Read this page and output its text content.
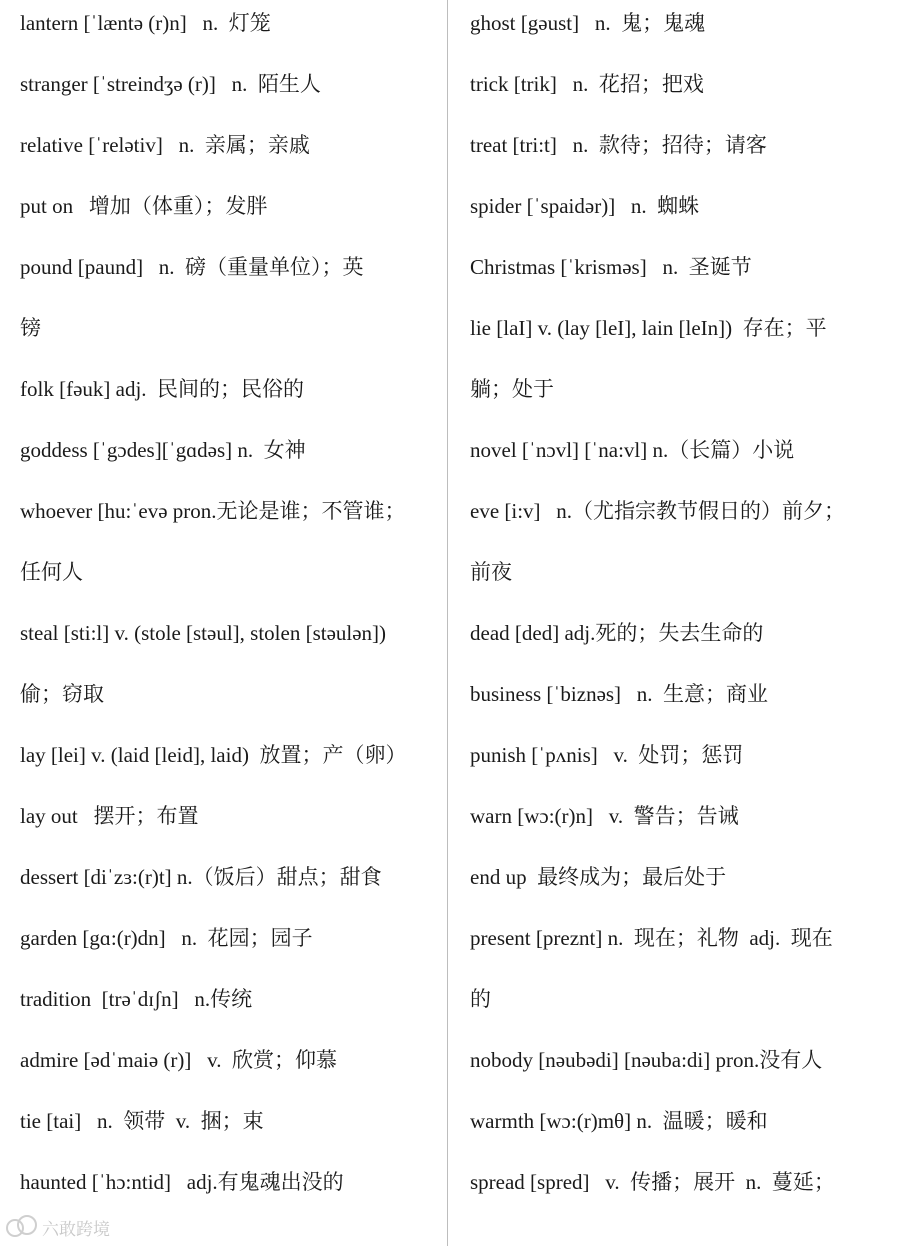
lantern [ˈlæntə (r)n]   n.  灯笼
stranger [ˈstreindʒə (r)]   n.  陌生人
relative [ˈrelətiv]   n.  亲属；亲戚
put on   增加（体重）；发胖
pound [paund]   n.  磅（重量单位）；英
镑
folk [fəuk] adj.  民间的；民俗的
goddess [ˈgɔdes][ˈgɑdəs] n.  女神
whoever [hu:ˈevə pron.无论是谁；不管谁；
任何人
steal [sti:l] v. (stole [stəul], stolen [stəulən])
偷；窃取
lay [lei] v. (laid [leid], laid)  放置；产（卵）
lay out   摆开；布置
dessert [diˈzɜ:(r)t] n.（饭后）甜点；甜食
garden [gɑ:(r)dn]   n.  花园；园子
tradition  [trəˈdɪʃn]   n.传统
admire [ədˈmaiə (r)]   v.  欣赏；仰慕
tie [tai]   n.  领带  v.  捆；束
haunted [ˈhɔ:ntid]   adj.有鬼魂出没的
ghost [gəust]   n.  鬼；鬼魂
trick [trik]   n.  花招；把戏
treat [tri:t]   n.  款待；招待；请客
spider [ˈspaidər)]   n.  蜘蛛
Christmas [ˈkrisməs]   n.  圣诞节
lie [laI] v. (lay [leI], lain [leIn])  存在；平
躺；处于
novel [ˈnɔvl] [ˈna:vl] n.（长篇）小说
eve [i:v]   n.（尤指宗教节假日的）前夕；
前夜
dead [ded] adj.死的；失去生命的
business [ˈbiznəs]   n.  生意；商业
punish [ˈpʌnis]   v.  处罚；惩罚
warn [wɔ:(r)n]   v.  警告；告诫
end up  最终成为；最后处于
present [preznt] n.  现在；礼物  adj.  现在
的
nobody [nəubədi] [nəuba:di] pron.没有人
warmth [wɔ:(r)mθ] n.  温暖；暖和
spread [spred]   v.  传播；展开  n.  蔓延；
六敢跨境
